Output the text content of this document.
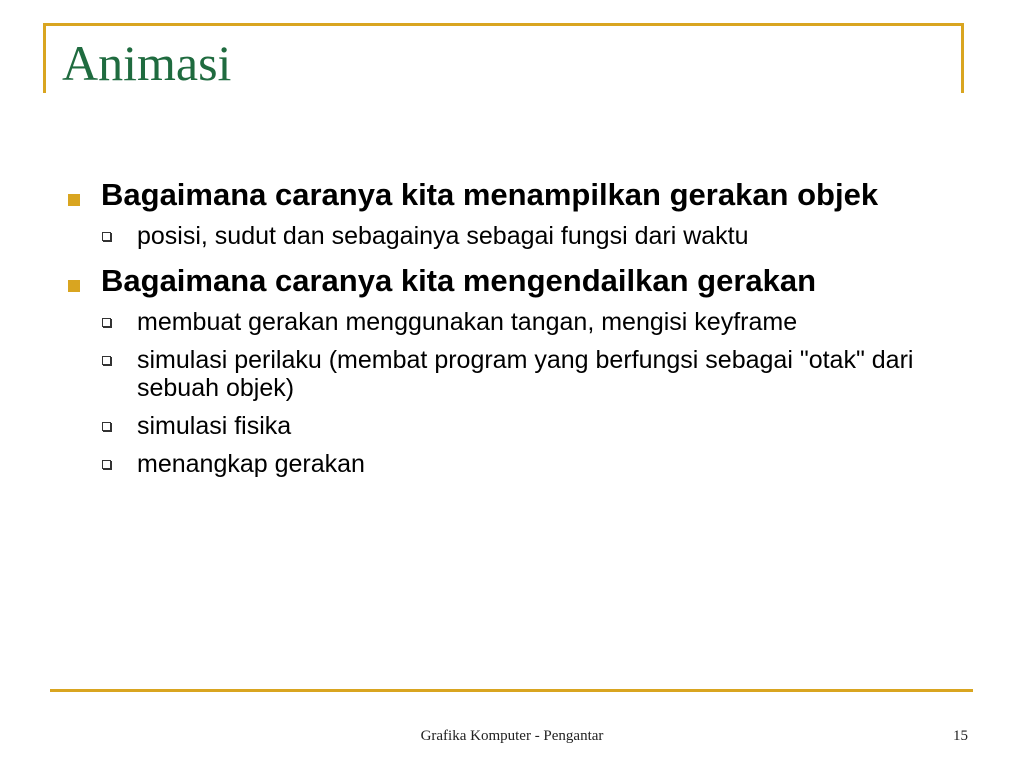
Animasi
Bagaimana caranya kita menampilkan gerakan objek
posisi, sudut dan sebagainya sebagai fungsi dari waktu
Bagaimana caranya kita mengendailkan gerakan
membuat gerakan menggunakan tangan, mengisi keyframe
simulasi perilaku (membat program yang berfungsi sebagai "otak" dari sebuah objek)
simulasi fisika
menangkap gerakan
Grafika Komputer - Pengantar	15
